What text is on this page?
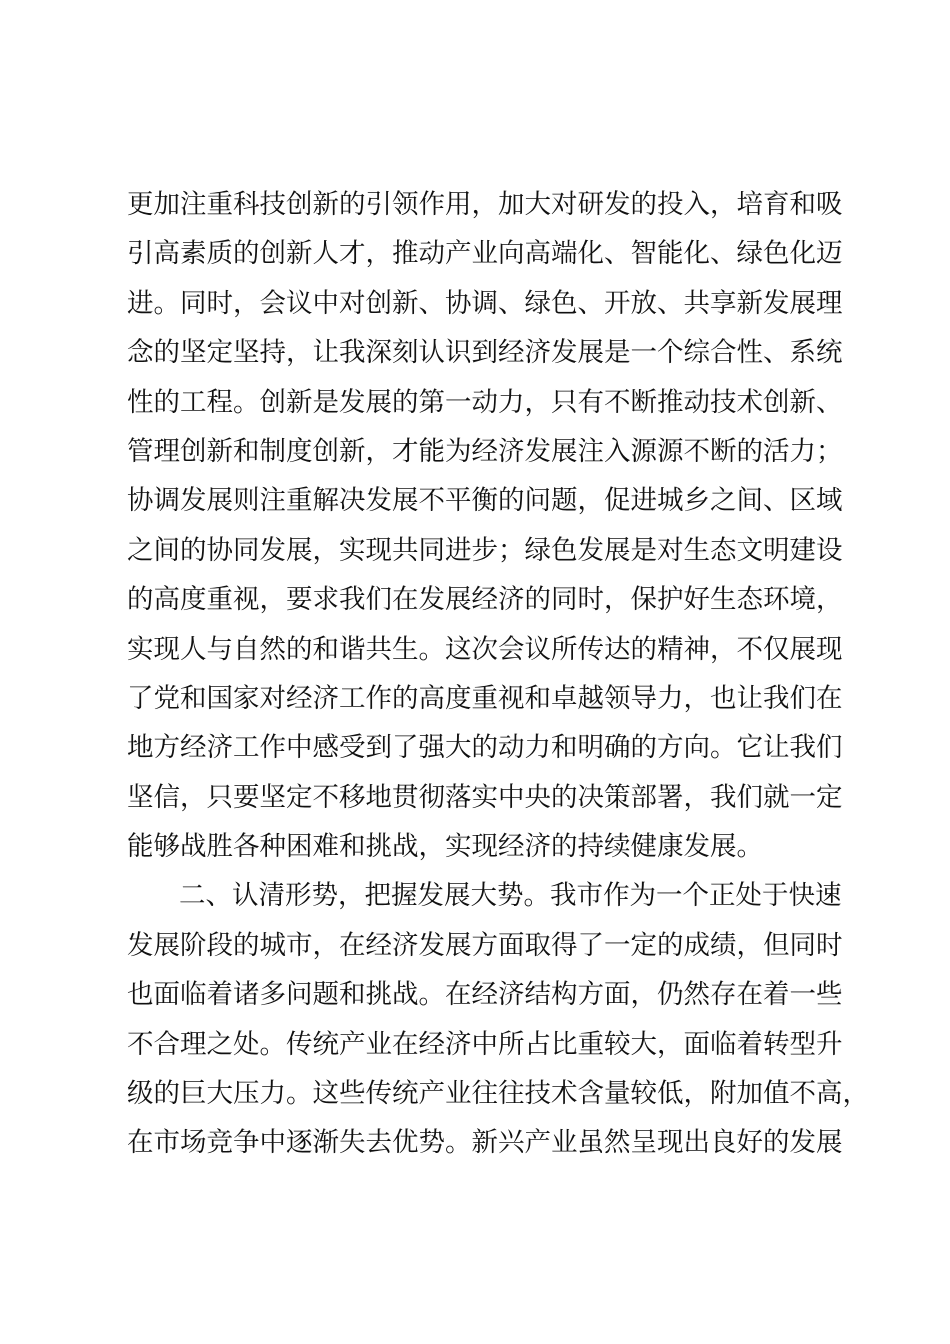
更加注重科技创新的引领作用，加大对研发的投入，培育和吸
引高素质的创新人才，推动产业向高端化、智能化、绿色化迈
进。同时，会议中对创新、协调、绿色、开放、共享新发展理
念的坚定坚持，让我深刻认识到经济发展是一个综合性、系统
性的工程。创新是发展的第一动力，只有不断推动技术创新、
管理创新和制度创新，才能为经济发展注入源源不断的活力；
协调发展则注重解决发展不平衡的问题，促进城乡之间、区域
之间的协同发展，实现共同进步；绿色发展是对生态文明建设
的高度重视，要求我们在发展经济的同时，保护好生态环境，
实现人与自然的和谐共生。这次会议所传达的精神，不仅展现
了党和国家对经济工作的高度重视和卓越领导力，也让我们在
地方经济工作中感受到了强大的动力和明确的方向。它让我们
坚信，只要坚定不移地贯彻落实中央的决策部署，我们就一定
能够战胜各种困难和挑战，实现经济的持续健康发展。
二、认清形势，把握发展大势。我市作为一个正处于快速
发展阶段的城市，在经济发展方面取得了一定的成绩，但同时
也面临着诸多问题和挑战。在经济结构方面，仍然存在着一些
不合理之处。传统产业在经济中所占比重较大，面临着转型升
级的巨大压力。这些传统产业往往技术含量较低，附加值不高，
在市场竞争中逐渐失去优势。新兴产业虽然呈现出良好的发展
